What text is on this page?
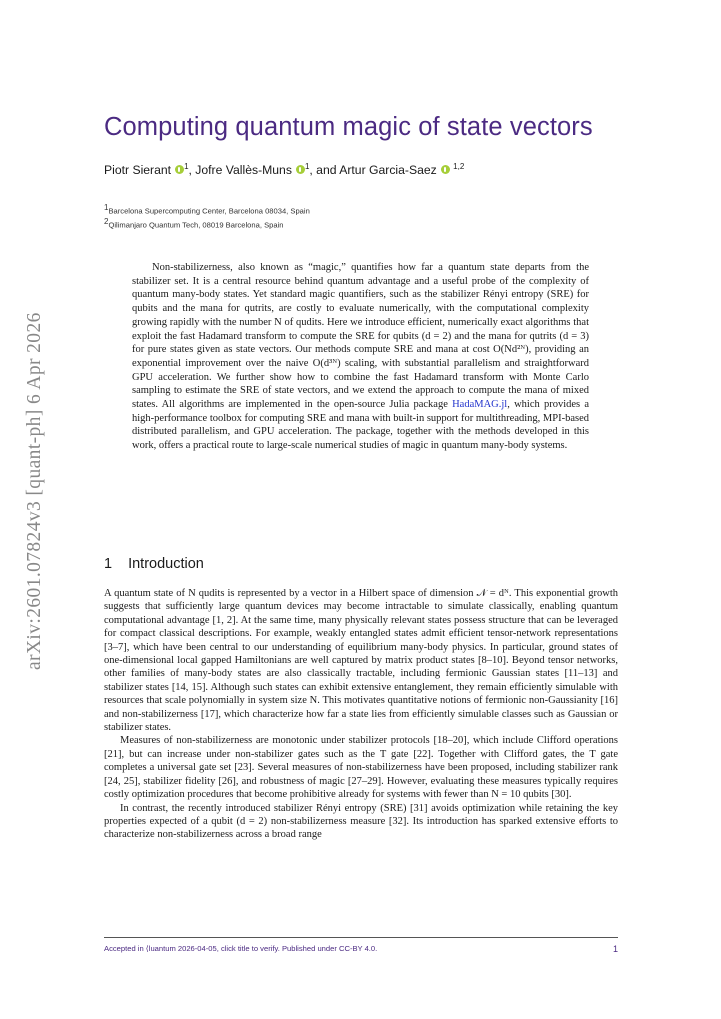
arXiv:2601.07824v3 [quant-ph] 6 Apr 2026
Computing quantum magic of state vectors
Piotr Sierant $^1$, Jofre Vallès-Muns $^1$, and Artur Garcia-Saez $^{1,2}$
$^1$Barcelona Supercomputing Center, Barcelona 08034, Spain
$^2$Qilimanjaro Quantum Tech, 08019 Barcelona, Spain
Non-stabilizerness, also known as “magic,” quantifies how far a quantum state departs from the stabilizer set. It is a central resource behind quantum advantage and a useful probe of the complexity of quantum many-body states. Yet standard magic quantifiers, such as the stabilizer Rényi entropy (SRE) for qubits and the mana for qutrits, are costly to evaluate numerically, with the computational complexity growing rapidly with the number N of qudits. Here we introduce efficient, numerically exact algorithms that exploit the fast Hadamard transform to compute the SRE for qubits (d = 2) and the mana for qutrits (d = 3) for pure states given as state vectors. Our methods compute SRE and mana at cost O(Nd²ᴺ), providing an exponential improvement over the naive O(d³ᴺ) scaling, with substantial parallelism and straightforward GPU acceleration. We further show how to combine the fast Hadamard transform with Monte Carlo sampling to estimate the SRE of state vectors, and we extend the approach to compute the mana of mixed states. All algorithms are implemented in the open-source Julia package HadaMAG.jl, which provides a high-performance toolbox for computing SRE and mana with built-in support for multithreading, MPI-based distributed parallelism, and GPU acceleration. The package, together with the methods developed in this work, offers a practical route to large-scale numerical studies of magic in quantum many-body systems.
1 Introduction

A quantum state of N qudits is represented by a vector in a Hilbert space of dimension 𝒩 = dᴺ. This exponential growth suggests that sufficiently large quantum devices may become intractable to simulate classically, enabling quantum computational advantage [1, 2]. At the same time, many physically relevant states possess structure that can be leveraged for compact classical descriptions. For example, weakly entangled states admit efficient tensor-network representations [3–7], which have been central to our understanding of equilibrium many-body physics. In particular, ground states of one-dimensional local gapped Hamiltonians are well captured by matrix product states [8–10]. Beyond tensor networks, other families of many-body states are also classically tractable, including fermionic Gaussian states [11–13] and stabilizer states [14, 15]. Although such states can exhibit extensive entanglement, they remain efficiently simulable with resources that scale polynomially in system size N. This motivates quantitative notions of fermionic non-Gaussianity [16] and non-stabilizerness [17], which characterize how far a state lies from efficiently simulable classes such as Gaussian or stabilizer states.

Measures of non-stabilizerness are monotonic under stabilizer protocols [18–20], which include Clifford operations [21], but can increase under non-stabilizer gates such as the T gate [22]. Together with Clifford gates, the T gate completes a universal gate set [23]. Several measures of non-stabilizerness have been proposed, including stabilizer rank [24, 25], stabilizer fidelity [26], and robustness of magic [27–29]. However, evaluating these measures typically requires costly optimization procedures that become prohibitive already for systems with fewer than N = 10 qubits [30].

In contrast, the recently introduced stabilizer Rényi entropy (SRE) [31] avoids optimization while retaining the key properties expected of a qubit (d = 2) non-stabilizerness measure [32]. Its introduction has sparked extensive efforts to characterize non-stabilizerness across a broad range

Accepted in ⟨luantum 2026-04-05, click title to verify. Published under CC-BY 4.0.	1
